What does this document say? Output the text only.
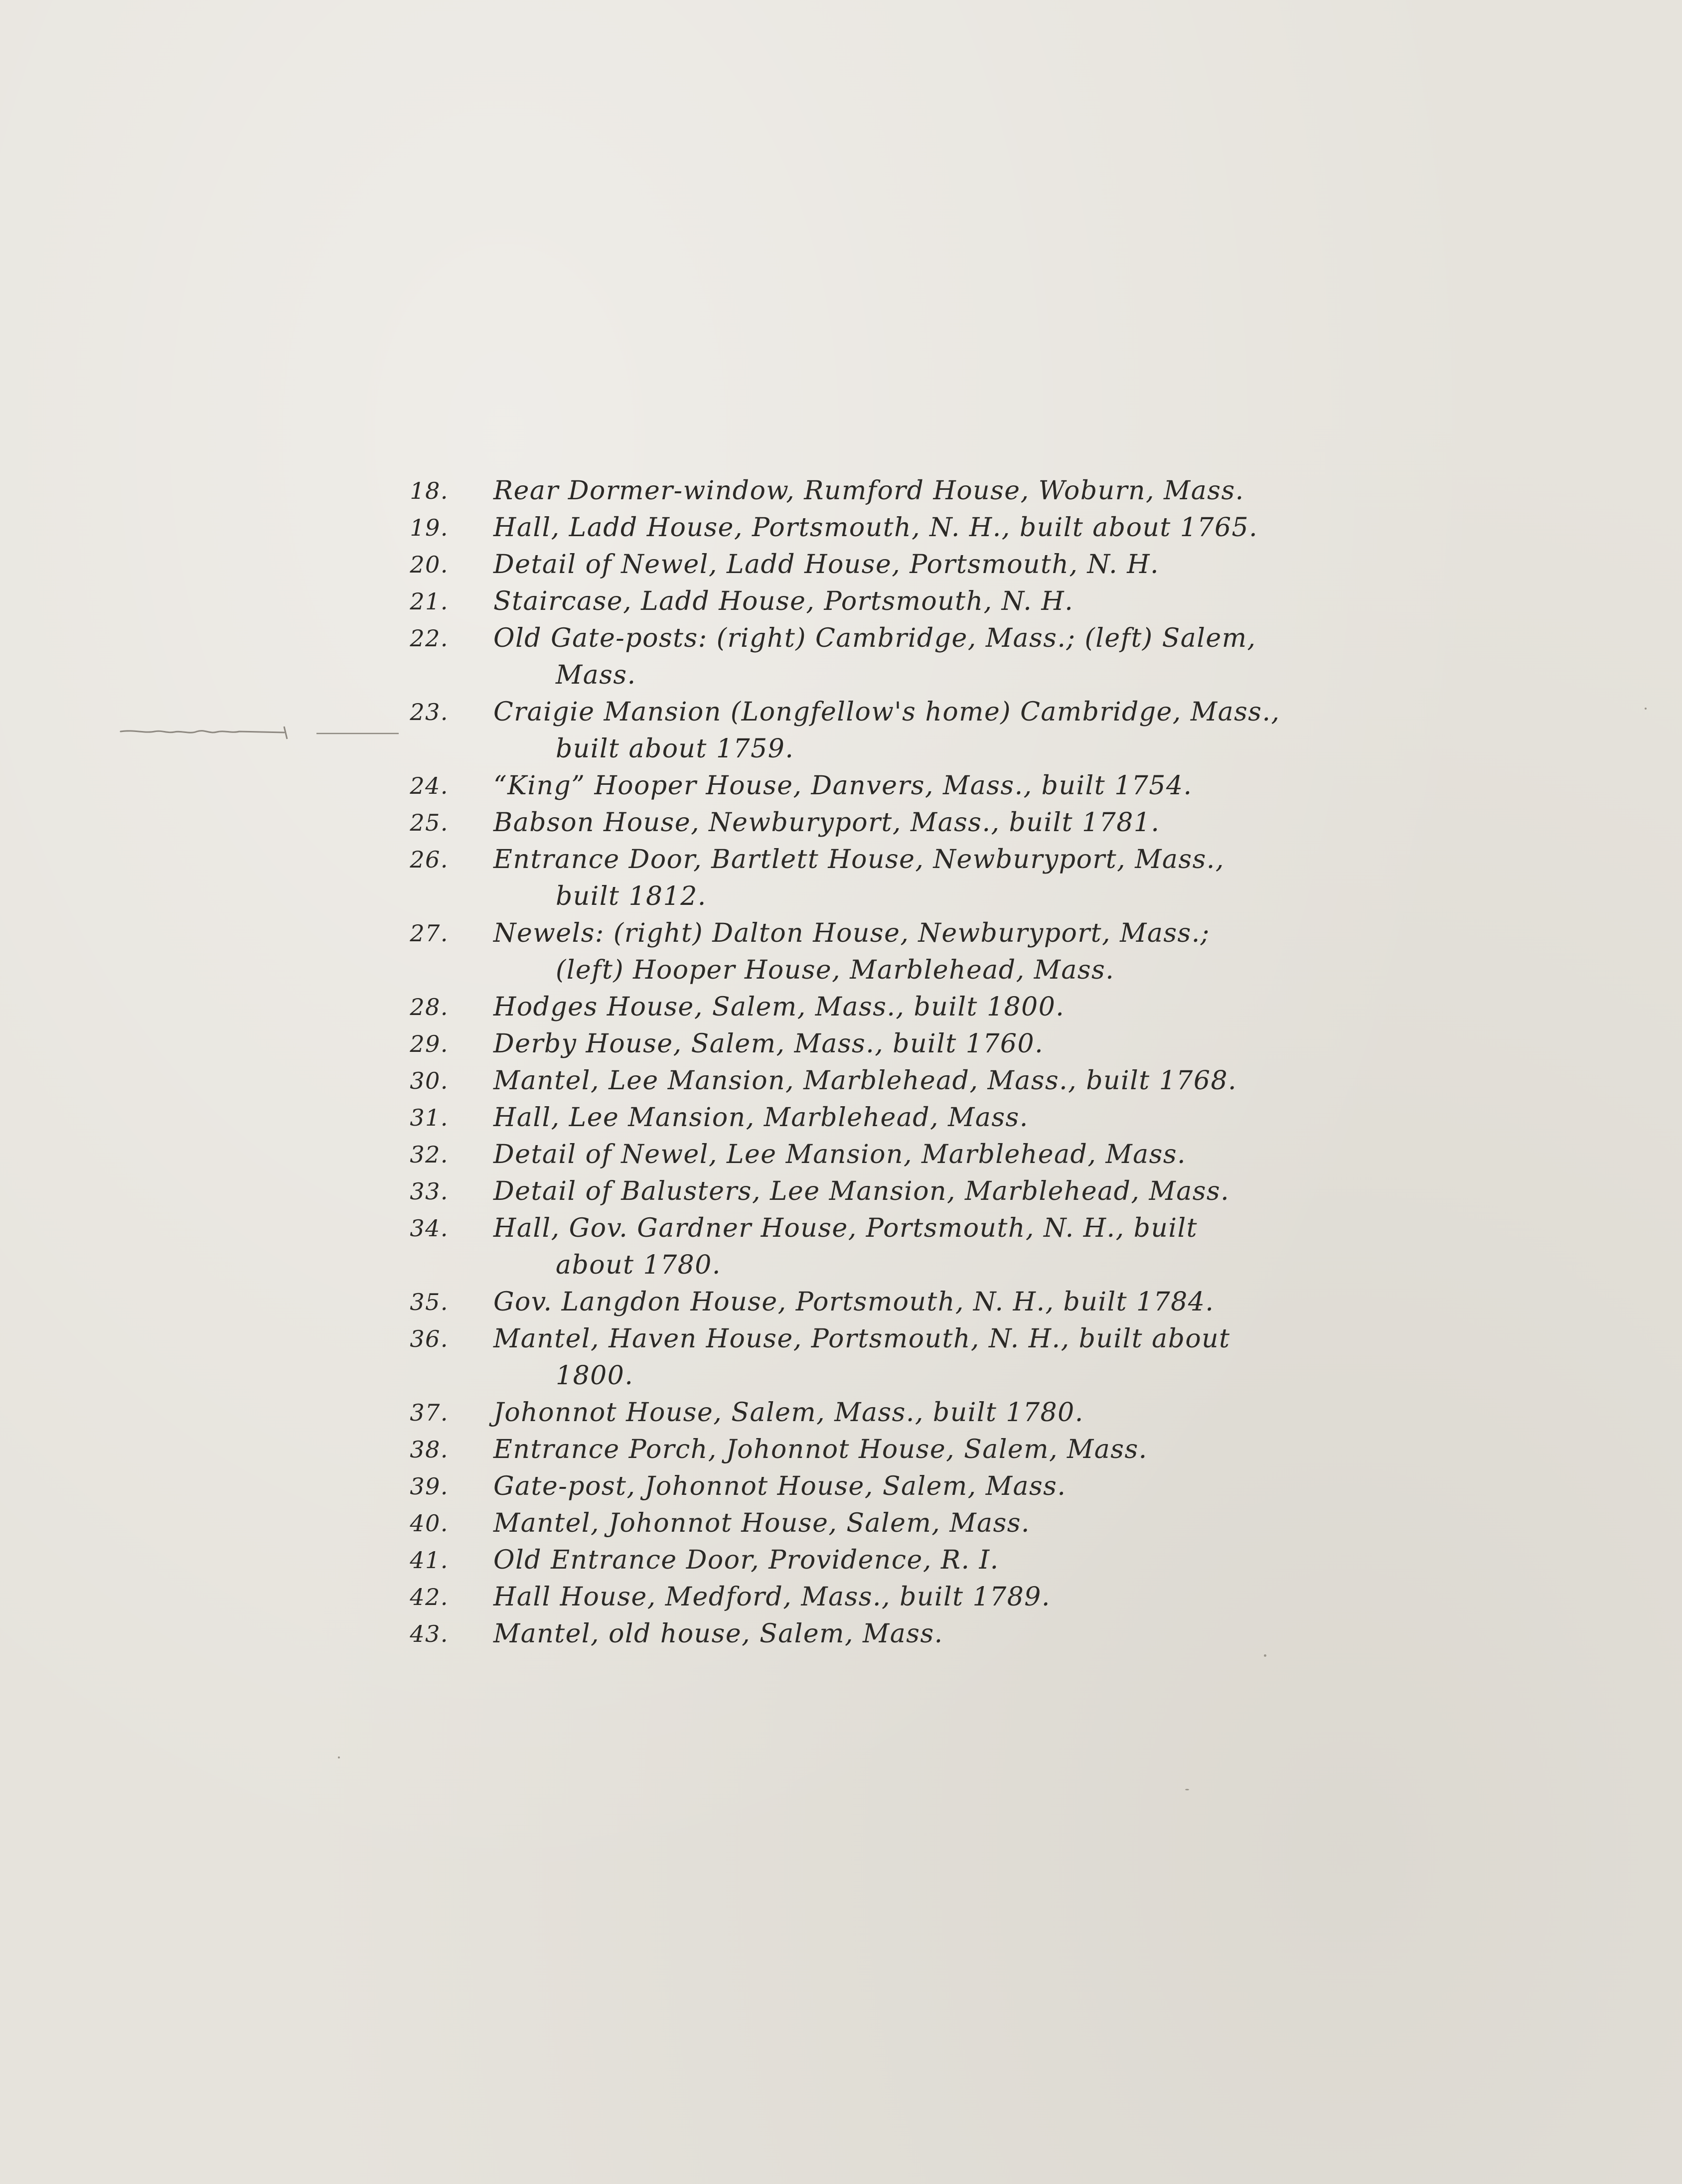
18.	Rear Dormer-window, Rumford House, Woburn, Mass.
19.	Hall, Ladd House, Portsmouth, N. H., built about 1765.
20.	Detail of Newel, Ladd House, Portsmouth, N. H.
21.	Staircase, Ladd House, Portsmouth, N. H.
22.	Old Gate-posts: (right) Cambridge, Mass.; (left) Salem,
Mass.
23.	Craigie Mansion (Longfellow's home) Cambridge, Mass.,
built about 1759.
24.	“King” Hooper House, Danvers, Mass., built 1754.
25.	Babson House, Newburyport, Mass., built 1781.
26.	Entrance Door, Bartlett House, Newburyport, Mass.,
built 1812.
27.	Newels: (right) Dalton House, Newburyport, Mass.;
(left) Hooper House, Marblehead, Mass.
28.	Hodges House, Salem, Mass., built 1800.
29.	Derby House, Salem, Mass., built 1760.
30.	Mantel, Lee Mansion, Marblehead, Mass., built 1768.
31.	Hall, Lee Mansion, Marblehead, Mass.
32.	Detail of Newel, Lee Mansion, Marblehead, Mass.
33.	Detail of Balusters, Lee Mansion, Marblehead, Mass.
34.	Hall, Gov. Gardner House, Portsmouth, N. H., built
about 1780.
35.	Gov. Langdon House, Portsmouth, N. H., built 1784.
36.	Mantel, Haven House, Portsmouth, N. H., built about
1800.
37.	Johonnot House, Salem, Mass., built 1780.
38.	Entrance Porch, Johonnot House, Salem, Mass.
39.	Gate-post, Johonnot House, Salem, Mass.
40.	Mantel, Johonnot House, Salem, Mass.
41.	Old Entrance Door, Providence, R. I.
42.	Hall House, Medford, Mass., built 1789.
43.	Mantel, old house, Salem, Mass.
